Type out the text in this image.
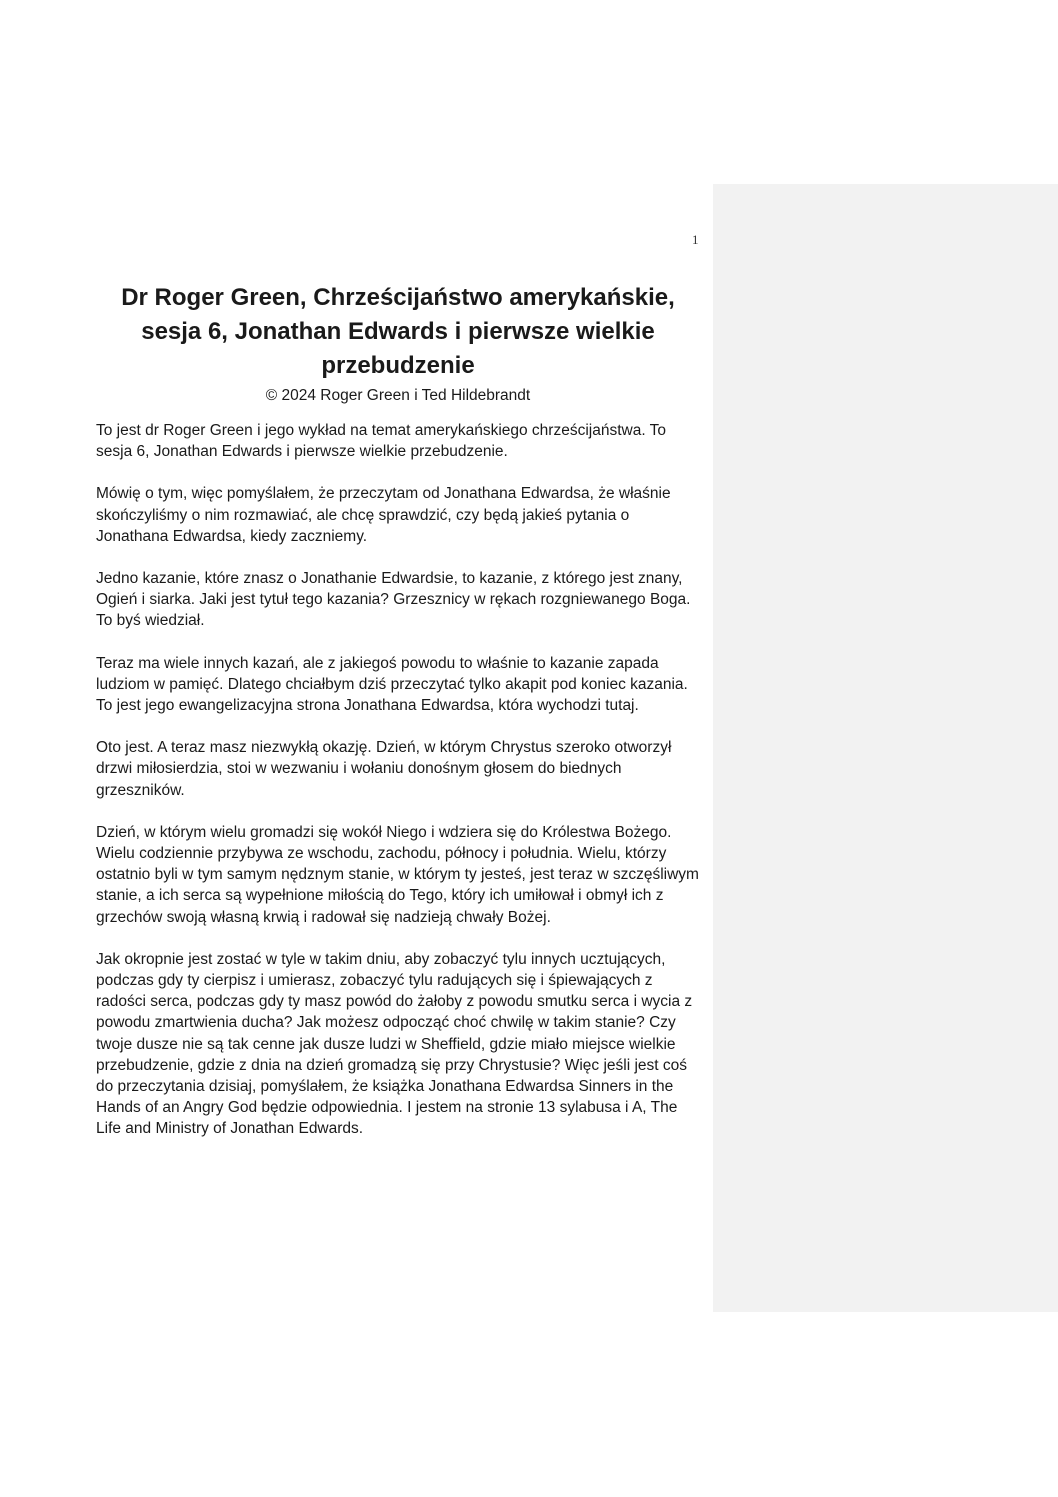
1
Dr Roger Green, Chrześcijaństwo amerykańskie, sesja 6, Jonathan Edwards i pierwsze wielkie przebudzenie

© 2024 Roger Green i Ted Hildebrandt

To jest dr Roger Green i jego wykład na temat amerykańskiego chrześcijaństwa. To sesja 6, Jonathan Edwards i pierwsze wielkie przebudzenie.

Mówię o tym, więc pomyślałem, że przeczytam od Jonathana Edwardsa, że właśnie skończyliśmy o nim rozmawiać, ale chcę sprawdzić, czy będą jakieś pytania o Jonathana Edwardsa, kiedy zaczniemy.

Jedno kazanie, które znasz o Jonathanie Edwardsie, to kazanie, z którego jest znany, Ogień i siarka. Jaki jest tytuł tego kazania? Grzesznicy w rękach rozgniewanego Boga. To byś wiedział.

Teraz ma wiele innych kazań, ale z jakiegoś powodu to właśnie to kazanie zapada ludziom w pamięć. Dlatego chciałbym dziś przeczytać tylko akapit pod koniec kazania. To jest jego ewangelizacyjna strona Jonathana Edwardsa, która wychodzi tutaj.

Oto jest. A teraz masz niezwykłą okazję. Dzień, w którym Chrystus szeroko otworzył drzwi miłosierdzia, stoi w wezwaniu i wołaniu donośnym głosem do biednych grzeszników.

Dzień, w którym wielu gromadzi się wokół Niego i wdziera się do Królestwa Bożego. Wielu codziennie przybywa ze wschodu, zachodu, północy i południa. Wielu, którzy ostatnio byli w tym samym nędznym stanie, w którym ty jesteś, jest teraz w szczęśliwym stanie, a ich serca są wypełnione miłością do Tego, który ich umiłował i obmył ich z grzechów swoją własną krwią i radował się nadzieją chwały Bożej.

Jak okropnie jest zostać w tyle w takim dniu, aby zobaczyć tylu innych ucztujących, podczas gdy ty cierpisz i umierasz, zobaczyć tylu radujących się i śpiewających z radości serca, podczas gdy ty masz powód do żałoby z powodu smutku serca i wycia z powodu zmartwienia ducha? Jak możesz odpocząć choć chwilę w takim stanie? Czy twoje dusze nie są tak cenne jak dusze ludzi w Sheffield, gdzie miało miejsce wielkie przebudzenie, gdzie z dnia na dzień gromadzą się przy Chrystusie? Więc jeśli jest coś do przeczytania dzisiaj, pomyślałem, że książka Jonathana Edwardsa Sinners in the Hands of an Angry God będzie odpowiednia. I jestem na stronie 13 sylabusa i A, The Life and Ministry of Jonathan Edwards.
